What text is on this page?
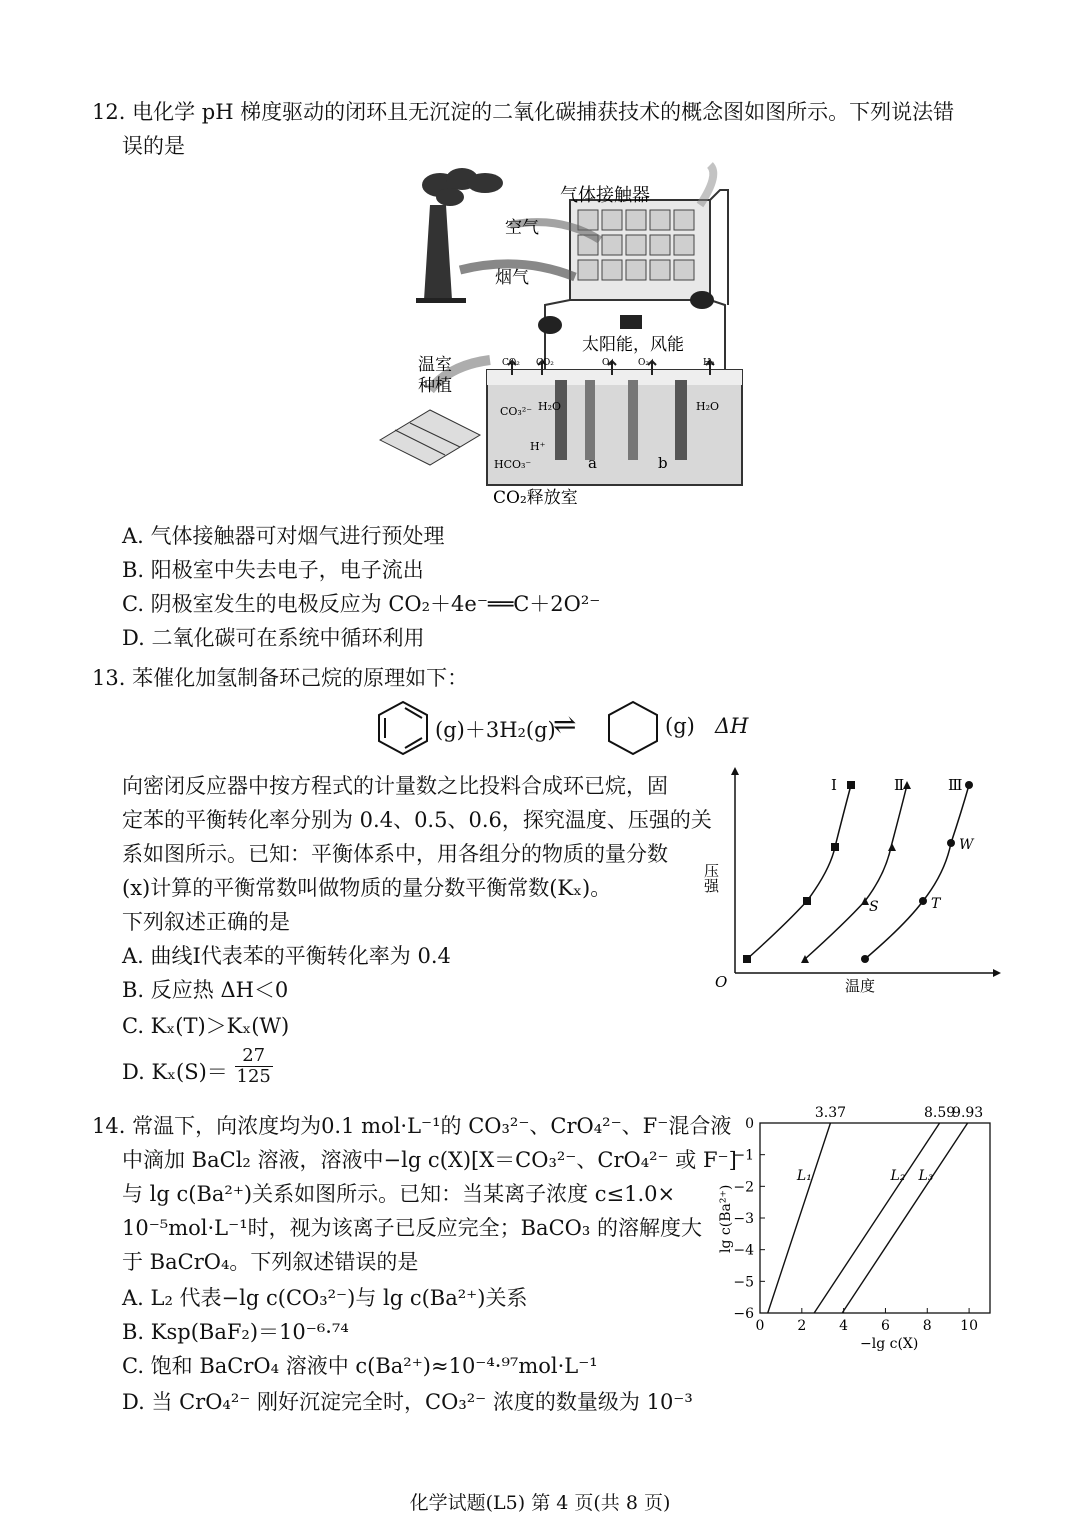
12. 电化学 pH 梯度驱动的闭环且无沉淀的二氧化碳捕获技术的概念图如图所示。下列说法错
误的是
气体接触器
空气
烟气
太阳能，风能
温室
种植
CO₂ CO₂	O₂	O₂	H₂
CO₃²⁻ H₂O	H₂O
H⁺
HCO₃⁻	a	b
CO₂释放室
A. 气体接触器可对烟气进行预处理
B. 阳极室中失去电子，电子流出
C. 阴极室发生的电极反应为 CO₂＋4e⁻══C＋2O²⁻
D. 二氧化碳可在系统中循环利用
13. 苯催化加氢制备环己烷的原理如下：
(g)＋3H₂(g)
⇌	(g) ΔH
向密闭反应器中按方程式的计量数之比投料合成环已烷，固
定苯的平衡转化率分别为 0.4、0.5、0.6，探究温度、压强的关
系如图所示。已知：平衡体系中，用各组分的物质的量分数
(x)计算的平衡常数叫做物质的量分数平衡常数(Kₓ)。
下列叙述正确的是
A. 曲线Ⅰ代表苯的平衡转化率为 0.4
B. 反应热 ΔH＜0
C. Kₓ(T)＞Kₓ(W)
D. $K_x(S)= \frac{27}{125}$
O	温度
压强
Ⅰ	Ⅱ
S
Ⅲ
T
W
14. 常温下，向浓度均为0.1 mol·L⁻¹的 CO₃²⁻、CrO₄²⁻、F⁻混合液
中滴加 BaCl₂ 溶液，溶液中−lg c(X)[X＝CO₃²⁻、CrO₄²⁻ 或 F⁻]
与 lg c(Ba²⁺)关系如图所示。已知：当某离子浓度 c≤1.0×
10⁻⁵mol·L⁻¹时，视为该离子已反应完全；BaCO₃ 的溶解度大
于 BaCrO₄。下列叙述错误的是
A. L₂ 代表−lg c(CO₃²⁻)与 lg c(Ba²⁺)关系
B. Ksp(BaF₂)＝10⁻⁶·⁷⁴
C. 饱和 BaCrO₄ 溶液中 c(Ba²⁺)≈10⁻⁴·⁹⁷mol·L⁻¹
D. 当 CrO₄²⁻ 刚好沉淀完全时，CO₃²⁻ 浓度的数量级为 10⁻³
0 2 4 6 8 10
0
−1
−2
−3
−4
−5
−6
L₁
3.37
L₂
8.59
L₃
9.93
−lg c(X)
lg c(Ba²⁺)
化学试题(L5) 第 4 页(共 8 页)
